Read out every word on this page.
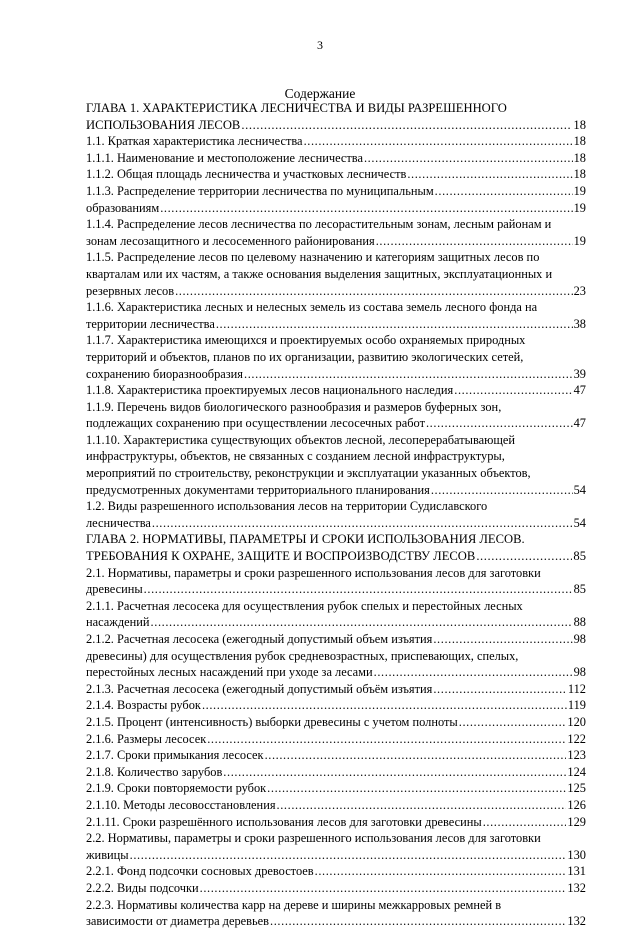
3
Содержание
ГЛАВА 1. ХАРАКТЕРИСТИКА ЛЕСНИЧЕСТВА И ВИДЫ РАЗРЕШЕННОГО
ИСПОЛЬЗОВАНИЯ ЛЕСОВ .....	18
1.1. Краткая характеристика лесничества .....	18
1.1.1. Наименование и местоположение лесничества .....	18
1.1.2. Общая площадь лесничества и участковых лесничеств .....	18
1.1.3. Распределение территории лесничества по муниципальным .....	19
образованиям .....	19
1.1.4. Распределение лесов лесничества по лесорастительным зонам, лесным районам и
зонам лесозащитного и лесосеменного районирования .....	19
1.1.5. Распределение лесов по целевому назначению и категориям защитных лесов по
кварталам или их частям, а также основания выделения защитных, эксплуатационных и
резервных лесов .....	23
1.1.6. Характеристика лесных и нелесных земель из состава земель лесного фонда на
территории лесничества .....	38
1.1.7. Характеристика имеющихся и проектируемых особо охраняемых природных
территорий и объектов, планов по их организации, развитию экологических сетей,
сохранению биоразнообразия .....	39
1.1.8. Характеристика проектируемых лесов национального наследия .....	47
1.1.9. Перечень видов биологического разнообразия и размеров буферных зон,
подлежащих сохранению при осуществлении лесосечных работ .....	47
1.1.10. Характеристика существующих объектов лесной, лесоперерабатывающей
инфраструктуры, объектов, не связанных с созданием лесной инфраструктуры,
мероприятий по строительству, реконструкции и эксплуатации указанных объектов,
предусмотренных документами территориального планирования .....	54
1.2. Виды разрешенного использования лесов на территории Судиславского
лесничества .....	54
ГЛАВА 2. НОРМАТИВЫ, ПАРАМЕТРЫ И СРОКИ ИСПОЛЬЗОВАНИЯ ЛЕСОВ.
ТРЕБОВАНИЯ К ОХРАНЕ, ЗАЩИТЕ И ВОСПРОИЗВОДСТВУ ЛЕСОВ .....	85
2.1. Нормативы, параметры и сроки разрешенного использования лесов для заготовки
древесины .....	85
2.1.1. Расчетная лесосека для осуществления рубок спелых и перестойных лесных
насаждений .....	88
2.1.2. Расчетная лесосека (ежегодный допустимый объем изъятия .....	98
древесины) для осуществления рубок средневозрастных, приспевающих, спелых,
перестойных лесных насаждений при уходе за лесами .....	98
2.1.3. Расчетная лесосека (ежегодный допустимый объём изъятия .....	112
2.1.4. Возрасты рубок .....	119
2.1.5. Процент (интенсивность) выборки древесины с учетом полноты .....	120
2.1.6. Размеры лесосек .....	122
2.1.7. Сроки примыкания лесосек .....	123
2.1.8. Количество зарубов .....	124
2.1.9. Сроки повторяемости рубок .....	125
2.1.10. Методы лесовосстановления .....	126
2.1.11. Сроки разрешённого использования лесов для заготовки древесины .....	129
2.2. Нормативы, параметры и сроки разрешенного использования лесов для заготовки
живицы .....	130
2.2.1. Фонд подсочки сосновых древостоев .....	131
2.2.2. Виды подсочки .....	132
2.2.3. Нормативы количества карр на дереве и ширины межкарровых ремней в
зависимости от диаметра деревьев .....	132
